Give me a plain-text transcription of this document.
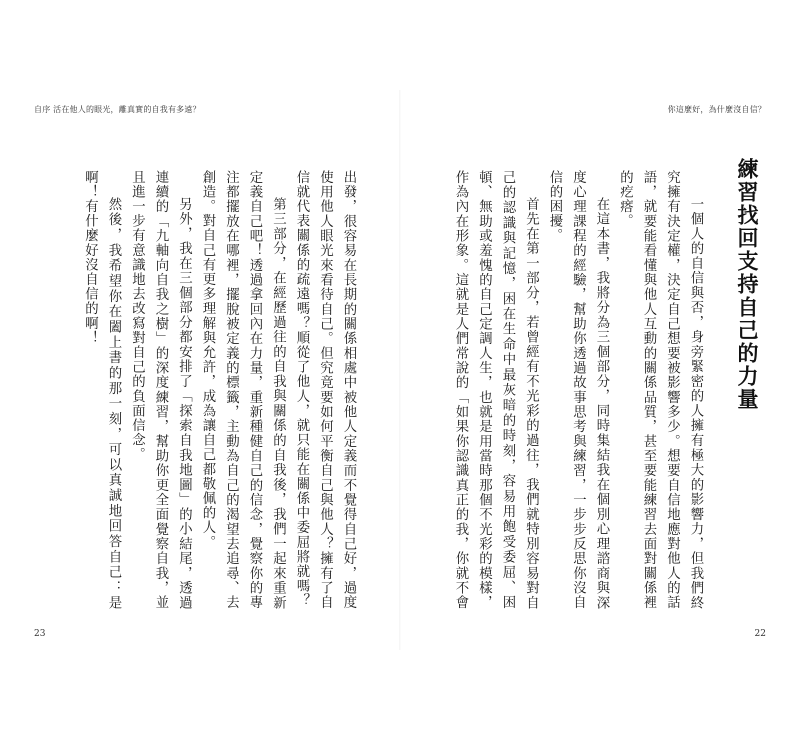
自序 活在他人的眼光，離真實的自我有多遠？	你這麼好，為什麼沒自信？

出發，很容易在長期的關係相處中被他人定義而不覺得自己好，過度使用他人眼光來看待自己。但究竟要如何平衡自己與他人？擁有了自信就代表關係的疏遠嗎？順從了他人，就只能在關係中委屈將就嗎？

第三部分，在經歷過往的自我與關係的自我後，我們一起來重新定義自己吧！透過拿回內在力量，重新種健自己的信念，覺察你的專注都擺放在哪裡，擺脫被定義的標籤，主動為自己的渴望去追尋、去創造。對自己有更多理解與允許，成為讓自己都敬佩的人。

另外，我在三個部分都安排了「探索自我地圖」的小結尾，透過連續的「九軸向自我之樹」的深度練習，幫助你更全面覺察自我，並且進一步有意識地去改寫對自己的負面信念。

然後，我希望你在闔上書的那一刻，可以真誠地回答自己：是啊！有什麼好沒自信的啊！	練習找回支持自己的力量

一個人的自信與否，身旁緊密的人擁有極大的影響力，但我們終究擁有決定權，決定自己想要被影響多少。想要自信地應對他人的話語，就要能看懂與他人互動的關係品質，甚至要能練習去面對關係裡的疙瘩。

在這本書，我將分為三個部分，同時集結我在個別心理諮商與深度心理課程的經驗，幫助你透過故事思考與練習，一步步反思你沒自信的困擾。

首先在第一部分，若曾經有不光彩的過往，我們就特別容易對自己的認識與記憶，困在生命中最灰暗的時刻，容易用飽受委屈、困頓、無助或羞愧的自己定調人生，也就是用當時那個不光彩的模樣，作為內在形象。這就是人們常說的「如果你認識真正的我，你就不會

23	22
